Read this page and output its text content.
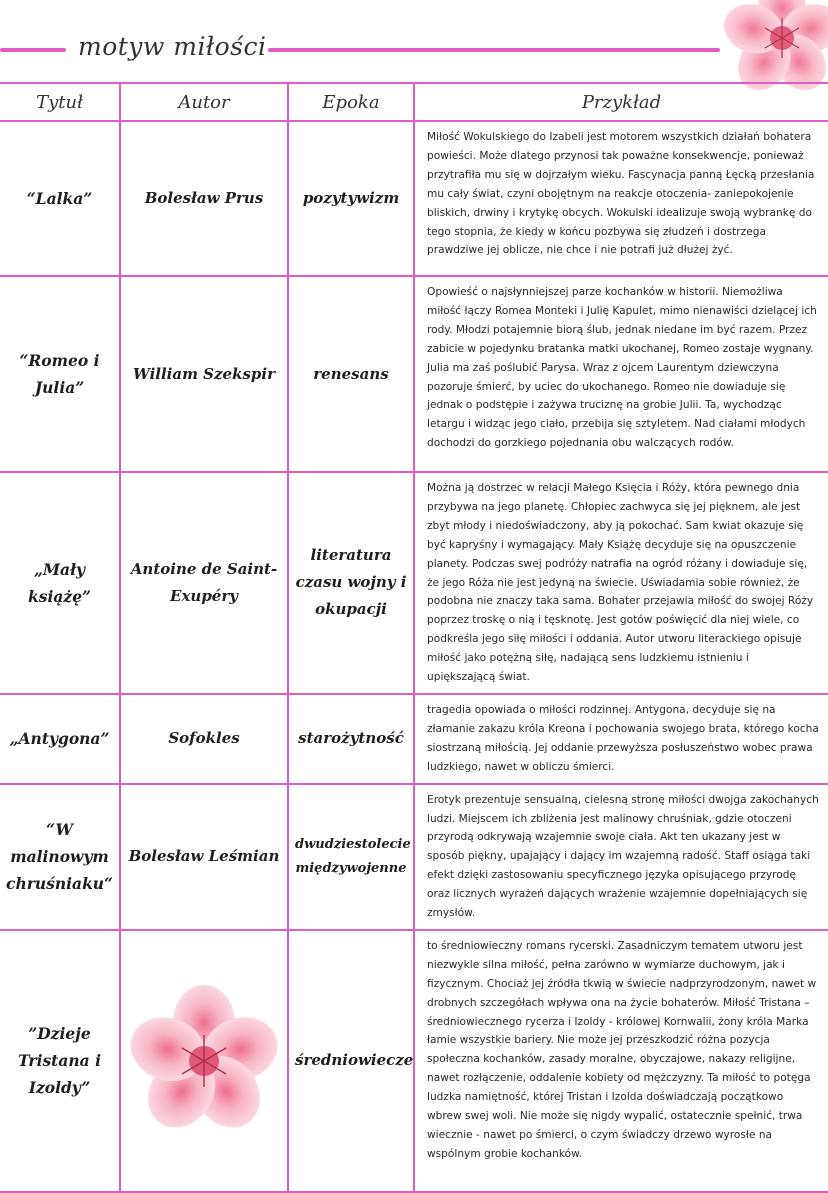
motyw miłości
Tytuł	Autor	Epoka	Przykład
“Lalka”	Bolesław Prus	pozytywizm	Miłość Wokulskiego do Izabeli jest motorem wszystkich działań bohatera powieści. Może dlatego przynosi tak poważne konsekwencje, ponieważ przytrafiła mu się w dojrzałym wieku. Fascynacja panną Łęcką przesłania mu cały świat, czyni obojętnym na reakcje otoczenia- zaniepokojenie bliskich, drwiny i krytykę obcych. Wokulski idealizuje swoją wybrankę do tego stopnia, że kiedy w końcu pozbywa się złudzeń i dostrzega prawdziwe jej oblicze, nie chce i nie potrafi już dłużej żyć.
“Romeo i Julia”	William Szekspir	renesans	Opowieść o najsłynniejszej parze kochanków w historii. Niemożliwa miłość łączy Romea Monteki i Julię Kapulet, mimo nienawiści dzielącej ich rody. Młodzi potajemnie biorą ślub, jednak niedane im być razem. Przez zabicie w pojedynku bratanka matki ukochanej, Romeo zostaje wygnany. Julia ma zaś poślubić Parysa. Wraz z ojcem Laurentym dziewczyna pozoruje śmierć, by uciec do ukochanego. Romeo nie dowiaduje się jednak o podstępie i zażywa truciznę na grobie Julii. Ta, wychodząc letargu i widząc jego ciało, przebija się sztyletem. Nad ciałami młodych dochodzi do gorzkiego pojednania obu walczących rodów.
„Mały książę”	Antoine de Saint-Exupéry	literatura czasu wojny i okupacji	Można ją dostrzec w relacji Małego Księcia i Róży, która pewnego dnia przybywa na jego planetę. Chłopiec zachwyca się jej pięknem, ale jest zbyt młody i niedoświadczony, aby ją pokochać. Sam kwiat okazuje się być kapryśny i wymagający. Mały Książę decyduje się na opuszczenie planety. Podczas swej podróży natrafia na ogród różany i dowiaduje się, że jego Róża nie jest jedyną na świecie. Uświadamia sobie również, że podobna nie znaczy taka sama. Bohater przejawia miłość do swojej Róży poprzez troskę o nią i tęsknotę. Jest gotów poświęcić dla niej wiele, co podkreśla jego siłę miłości i oddania. Autor utworu literackiego opisuje miłość jako potężną siłę, nadającą sens ludzkiemu istnieniu i upiększającą świat.
„Antygona”	Sofokles	starożytność	tragedia opowiada o miłości rodzinnej. Antygona, decyduje się na złamanie zakazu króla Kreona i pochowania swojego brata, którego kocha siostrzaną miłością. Jej oddanie przewyższa posłuszeństwo wobec prawa ludzkiego, nawet w obliczu śmierci.
“W malinowym chruśniaku“	Bolesław Leśmian	dwudziestolecie międzywojenne	Erotyk prezentuje sensualną, cielesną stronę miłości dwojga zakochanych ludzi. Miejscem ich zbliżenia jest malinowy chruśniak, gdzie otoczeni przyrodą odkrywają wzajemnie swoje ciała. Akt ten ukazany jest w sposób piękny, upajający i dający im wzajemną radość. Staff osiąga taki efekt dzięki zastosowaniu specyficznego języka opisującego przyrodę oraz licznych wyrażeń dających wrażenie wzajemnie dopełniających się zmysłów.
”Dzieje Tristana i Izoldy”		średniowiecze	to średniowieczny romans rycerski. Zasadniczym tematem utworu jest niezwykle silna miłość, pełna zarówno w wymiarze duchowym, jak i fizycznym. Chociaż jej źródła tkwią w świecie nadprzyrodzonym, nawet w drobnych szczegółach wpływa ona na życie bohaterów. Miłość Tristana – średniowiecznego rycerza i Izoldy - królowej Kornwalii, żony króla Marka łamie wszystkie bariery. Nie może jej przeszkodzić różna pozycja społeczna kochanków, zasady moralne, obyczajowe, nakazy religijne, nawet rozłączenie, oddalenie kobiety od mężczyzny. Ta miłość to potęga ludzka namiętność, której Tristan i Izolda doświadczają początkowo wbrew swej woli. Nie może się nigdy wypalić, ostatecznie spełnić, trwa wiecznie - nawet po śmierci, o czym świadczy drzewo wyrosłe na wspólnym grobie kochanków.
